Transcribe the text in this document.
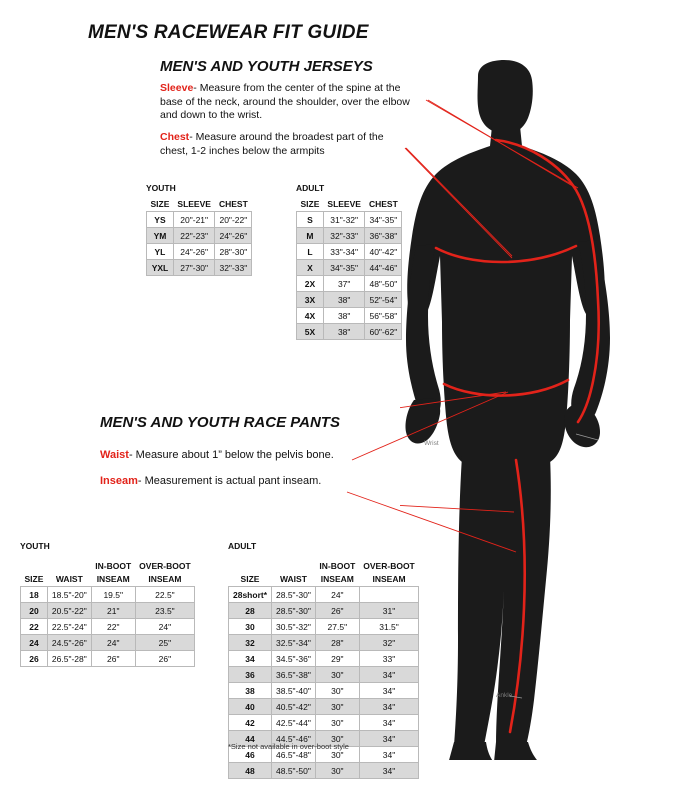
MEN'S RACEWEAR FIT GUIDE
MEN'S AND YOUTH JERSEYS
MEN'S AND YOUTH RACE PANTS
Sleeve- Measure from the center of the spine at the base of the neck, around the shoulder, over the elbow and down to the wrist.
Chest- Measure around the broadest part of the chest, 1-2 inches below the armpits
Waist- Measure about 1” below the pelvis bone.
Inseam- Measurement is actual pant inseam.
YOUTH
SIZE	SLEEVE	CHEST
YS	20"-21"	20"-22"
YM	22"-23"	24"-26"
YL	24"-26"	28"-30"
YXL	27"-30"	32"-33"
ADULT
SIZE	SLEEVE	CHEST
S	31"-32"	34"-35"
M	32"-33"	36"-38"
L	33"-34"	40"-42"
X	34"-35"	44"-46"
2X	37"	48"-50"
3X	38"	52"-54"
4X	38"	56"-58"
5X	38"	60"-62"
YOUTH
		IN-BOOT	OVER-BOOT
SIZE	WAIST	INSEAM	INSEAM
18	18.5"-20"	19.5"	22.5"
20	20.5"-22"	21"	23.5"
22	22.5"-24"	22"	24"
24	24.5"-26"	24"	25"
26	26.5"-28"	26"	26"
ADULT
		IN-BOOT	OVER-BOOT
SIZE	WAIST	INSEAM	INSEAM
28short*	28.5"-30"	24"	
28	28.5"-30"	26"	31"
30	30.5"-32"	27.5"	31.5"
32	32.5"-34"	28"	32"
34	34.5"-36"	29"	33"
36	36.5"-38"	30"	34"
38	38.5"-40"	30"	34"
40	40.5"-42"	30"	34"
42	42.5"-44"	30"	34"
44	44.5"-46"	30"	34"
46	46.5"-48"	30"	34"
48	48.5"-50"	30"	34"
*Size not available in over-boot style
Wrist
Ankle
